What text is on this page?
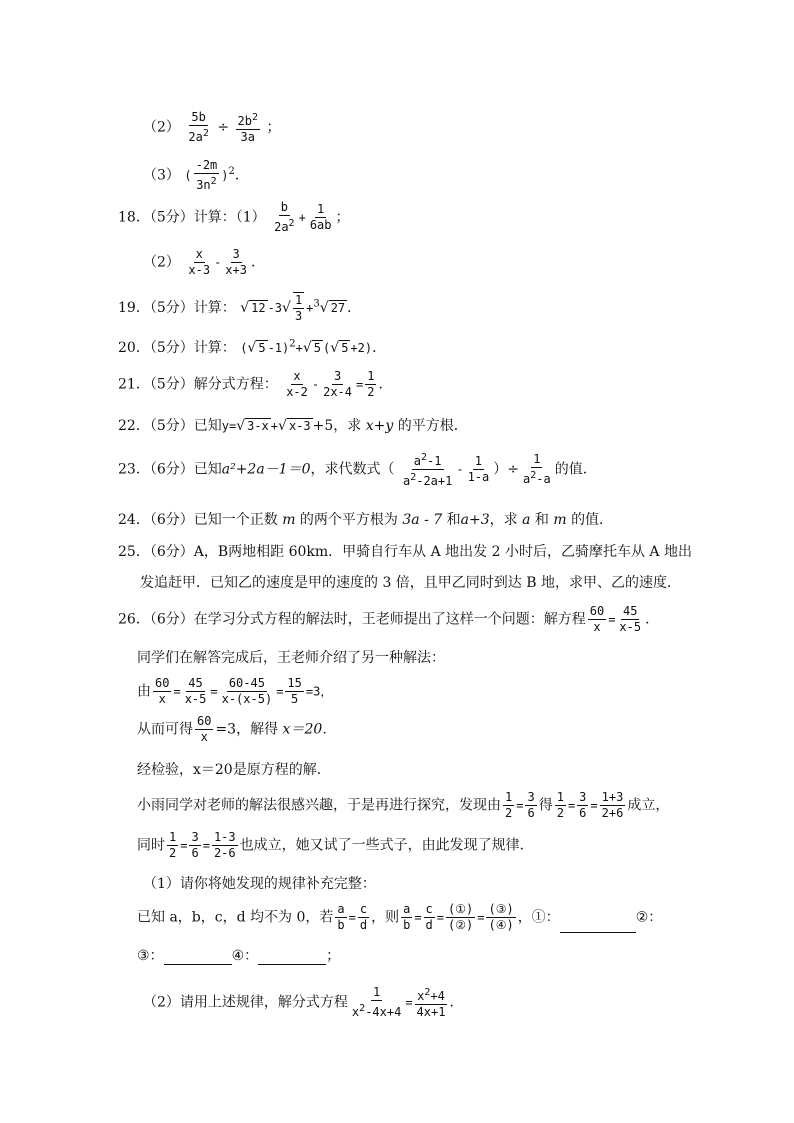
$(2) \frac{5b}{2a^2} \div \frac{2b^2}{3a}$ ；
（3） ( $\frac{-2m}{3n^2} )^2$．
18．（5分）计算：$(1) \frac{b}{2a^2} + \frac{1}{6ab}$ ；
$(2) \frac{x}{x-3} - \frac{3}{x+3}$ ．
19．（5分）计算： √ 12 $-3√ \frac{1}{3} +^3√$ 27 ．
20．（5分）计算： (√ 5 -1)$^2$+√ 5 (√ 5 +2)．
21．（5分）解分式方程： $\frac{x}{x-2} - \frac{3}{2x-4} = \frac{1}{2}$ ．
22．（5分）已知y=√ 3-x +√ x-3 +5，求 x+y 的平方根．
23．（6分）已知a²+2a－1＝0，求代数式（ $\frac{a^2-1}{a^2-2a+1} - \frac{1}{1-a}$ ）÷ $\frac{1}{a^2-a}$ 的值．
24．（6分）已知一个正数 m 的两个平方根为 3a - 7 和a+3，求 a 和 m 的值．
25．（6分）A，B两地相距 60km．甲骑自行车从 A 地出发 2 小时后，乙骑摩托车从 A 地出
发追赶甲．已知乙的速度是甲的速度的 3 倍，且甲乙同时到达 B 地，求甲、乙的速度．
26．（6分）在学习分式方程的解法时，王老师提出了这样一个问题：解方程 $\frac{60}{x} = \frac{45}{x-5}$ ．
同学们在解答完成后，王老师介绍了另一种解法：
由 $\frac{60}{x} = \frac{45}{x-5} = \frac{60-45}{x-(x-5)} = \frac{15}{5} =3$，
从而可得 $\frac{60}{x} =3$，解得 x＝20．
经检验，x＝20是原方程的解．
小雨同学对老师的解法很感兴趣，于是再进行探究，发现由 $\frac{1}{2} = \frac{3}{6}$ 得 $\frac{1}{2} = \frac{3}{6} = \frac{1+3}{2+6}$ 成立，
同时 $\frac{1}{2} = \frac{3}{6} = \frac{1-3}{2-6}$ 也成立，她又试了一些式子，由此发现了规律．
（1）请你将她发现的规律补充完整：
已知 a，b，c，d 均不为 0，若 $\frac{a}{b} = \frac{c}{d}$ ，则 $\frac{a}{b} = \frac{c}{d} = \frac{\text{(①)}}{\text{(②)}} = \frac{\text{(③)}}{\text{(④)}}$ ，①：	②：
③：	④：	；
（2）请用上述规律，解分式方程 $\frac{1}{x^2-4x+4} = \frac{x^2+4}{4x+1}$ ．
